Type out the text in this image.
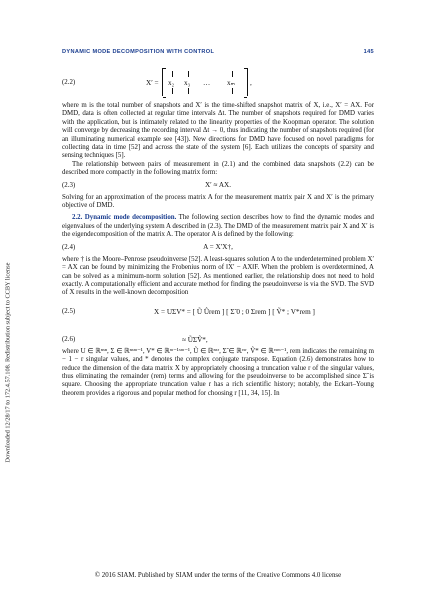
Downloaded 12/28/17 to 172.4.57.108. Redistribution subject to CCBY license
DYNAMIC MODE DECOMPOSITION WITH CONTROL	145
(2.2)	X′ = x₂ x₃ … xₘ ,

where m is the total number of snapshots and X′ is the time-shifted snapshot matrix of X, i.e., X′ = AX. For DMD, data is often collected at regular time intervals Δt. The number of snapshots required for DMD varies with the application, but is intimately related to the linearity properties of the Koopman operator. The solution will converge by decreasing the recording interval Δt → 0, thus indicating the number of snapshots required (for an illuminating numerical example see [43]). New directions for DMD have focused on novel paradigms for collecting data in time [52] and across the state of the system [6]. Each utilizes the concepts of sparsity and sensing techniques [5].

The relationship between pairs of measurement in (2.1) and the combined data snapshots (2.2) can be described more compactly in the following matrix form:

(2.3)	X′ ≈ AX.

Solving for an approximation of the process matrix A for the measurement matrix pair X and X′ is the primary objective of DMD.

2.2. Dynamic mode decomposition. The following section describes how to find the dynamic modes and eigenvalues of the underlying system A described in (2.3). The DMD of the measurement matrix pair X and X′ is the eigendecomposition of the matrix A. The operator A is defined by the following:

(2.4)	A = X′X†,

where † is the Moore–Penrose pseudoinverse [52]. A least-squares solution A to the underdetermined problem X′ = AX can be found by minimizing the Frobenius norm of ‖X′ − AX‖F. When the problem is overdetermined, A can be solved as a minimum-norm solution [52]. As mentioned earlier, the relationship does not need to hold exactly. A computationally efficient and accurate method for finding the pseudoinverse is via the SVD. The SVD of X results in the well-known decomposition

(2.5)	X = UΣV* = [ Ũ Ûrem ] [ Σ̃ 0 ; 0 Σrem ] [ Ṽ* ; V*rem ]
(2.6)	≈ ŨΣ̃Ṽ*,

where U ∈ ℝⁿˣⁿ, Σ ∈ ℝⁿˣᵐ⁻¹, V* ∈ ℝᵐ⁻¹ˣᵐ⁻¹, Ũ ∈ ℝⁿˣʳ, Σ̃ ∈ ℝʳˣʳ, Ṽ* ∈ ℝʳˣᵐ⁻¹, rem indicates the remaining m − 1 − r singular values, and * denotes the complex conjugate transpose. Equation (2.6) demonstrates how to reduce the dimension of the data matrix X by appropriately choosing a truncation value r of the singular values, thus eliminating the remainder (rem) terms and allowing for the pseudoinverse to be accomplished since Σ̃ is square. Choosing the appropriate truncation value r has a rich scientific history; notably, the Eckart–Young theorem provides a rigorous and popular method for choosing r [11, 34, 15]. In

© 2016 SIAM. Published by SIAM under the terms of the Creative Commons 4.0 license
